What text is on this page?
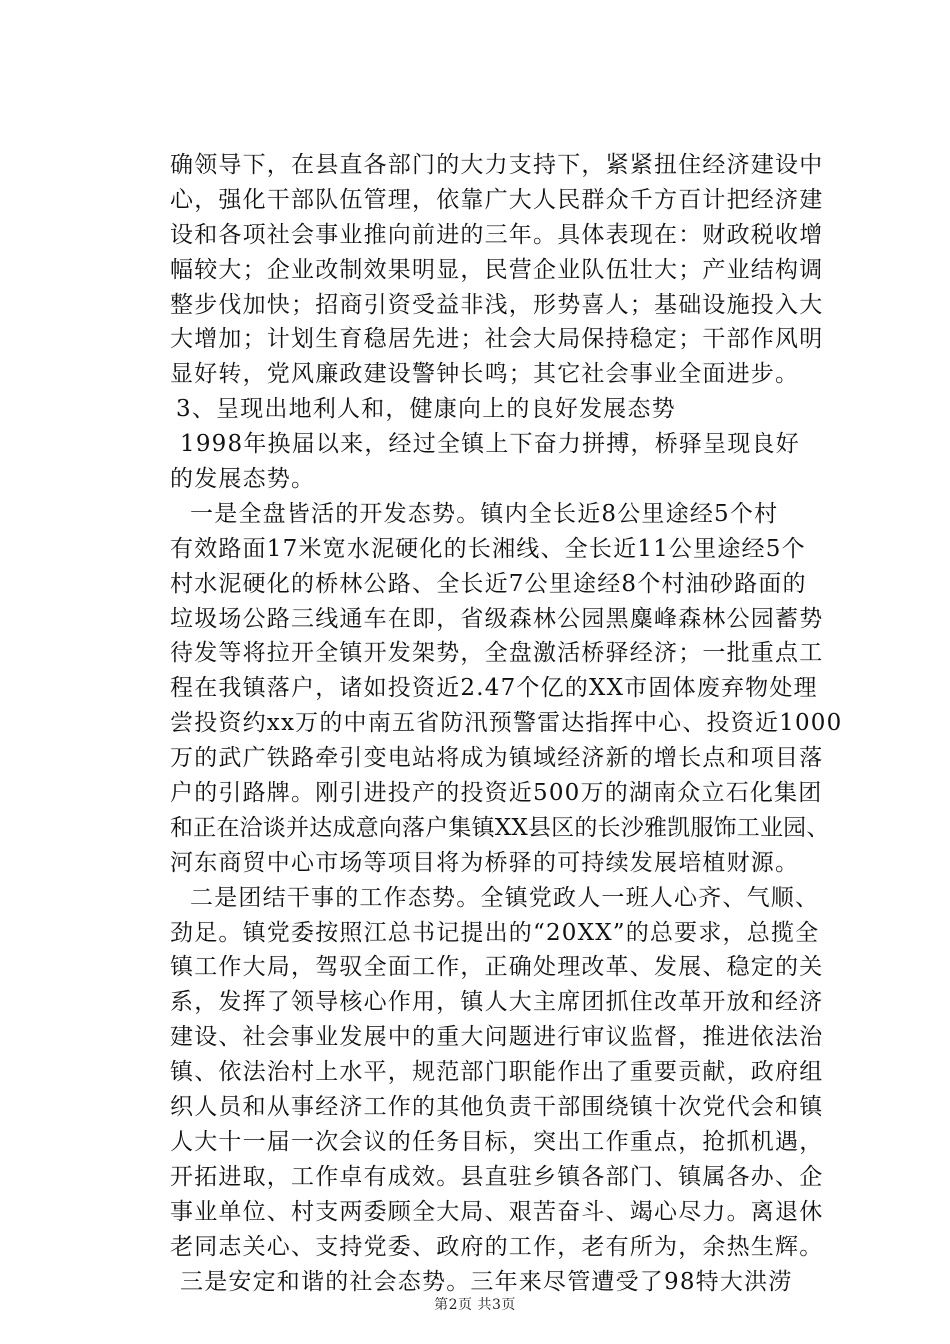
确领导下，在县直各部门的大力支持下，紧紧扭住经济建设中
心，强化干部队伍管理，依靠广大人民群众千方百计把经济建
设和各项社会事业推向前进的三年。具体表现在：财政税收增
幅较大；企业改制效果明显，民营企业队伍壮大；产业结构调
整步伐加快；招商引资受益非浅，形势喜人；基础设施投入大
大增加；计划生育稳居先进；社会大局保持稳定；干部作风明
显好转，党风廉政建设警钟长鸣；其它社会事业全面进步。
3、呈现出地利人和，健康向上的良好发展态势
1998年换届以来，经过全镇上下奋力拼搏，桥驿呈现良好
的发展态势。
一是全盘皆活的开发态势。镇内全长近8公里途经5个村
有效路面17米宽水泥硬化的长湘线、全长近11公里途经5个
村水泥硬化的桥林公路、全长近7公里途经8个村油砂路面的
垃圾场公路三线通车在即，省级森林公园黑麋峰森林公园蓄势
待发等将拉开全镇开发架势，全盘激活桥驿经济；一批重点工
程在我镇落户，诸如投资近2.47个亿的XX市固体废弃物处理
尝投资约xx万的中南五省防汛预警雷达指挥中心、投资近1000
万的武广铁路牵引变电站将成为镇域经济新的增长点和项目落
户的引路牌。刚引进投产的投资近500万的湖南众立石化集团
和正在洽谈并达成意向落户集镇XX县区的长沙雅凯服饰工业园、
河东商贸中心市场等项目将为桥驿的可持续发展培植财源。
二是团结干事的工作态势。全镇党政人一班人心齐、气顺、
劲足。镇党委按照江总书记提出的“20XX”的总要求，总揽全
镇工作大局，驾驭全面工作，正确处理改革、发展、稳定的关
系，发挥了领导核心作用，镇人大主席团抓住改革开放和经济
建设、社会事业发展中的重大问题进行审议监督，推进依法治
镇、依法治村上水平，规范部门职能作出了重要贡献，政府组
织人员和从事经济工作的其他负责干部围绕镇十次党代会和镇
人大十一届一次会议的任务目标，突出工作重点，抢抓机遇，
开拓进取，工作卓有成效。县直驻乡镇各部门、镇属各办、企
事业单位、村支两委顾全大局、艰苦奋斗、竭心尽力。离退休
老同志关心、支持党委、政府的工作，老有所为，余热生辉。
三是安定和谐的社会态势。三年来尽管遭受了98特大洪涝
第2页 共3页
